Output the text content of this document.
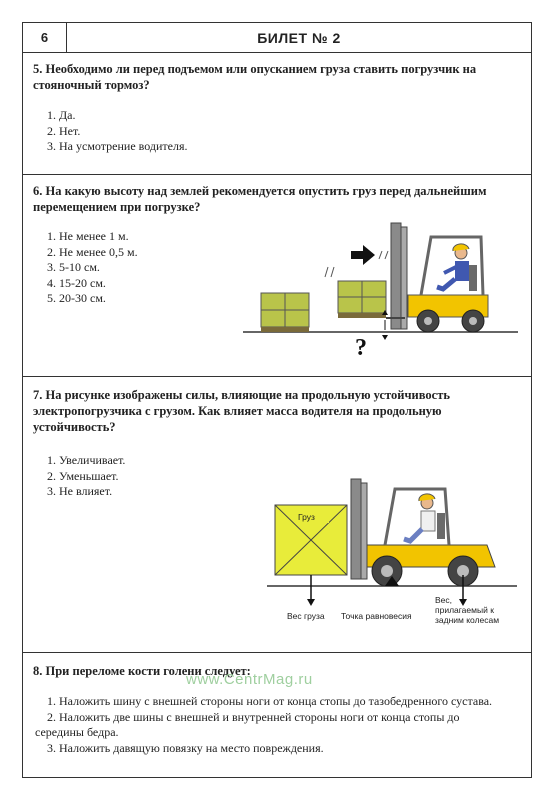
6	БИЛЕТ № 2
5. Необходимо ли перед подъемом или опусканием груза ставить погрузчик на
стояночный тормоз?
1. Да.
2. Нет.
3. На усмотрение водителя.
6. На какую высоту над землей рекомендуется опустить груз перед дальнейшим
перемещением при погрузке?
1. Не менее 1 м.
2. Не менее 0,5 м.
3. 5-10 см.
4. 15-20 см.
5. 20-30 см.
?
7. На рисунке изображены силы, влияющие на продольную устойчивость
электропогрузчика с грузом. Как влияет масса водителя на продольную
устойчивость?
1. Увеличивает.
2. Уменьшает.
3. Не влияет.
Груз
Вес груза Точка равновесия
Вес,
прилагаемый к
задним колесам
8. При переломе кости голени следует:
1. Наложить шину с внешней стороны ноги от конца стопы до тазобедренного сустава.
2. Наложить две шины с внешней и внутренней стороны ноги от конца стопы до
середины бедра.
3. Наложить давящую повязку на место повреждения.
www.CentrMag.ru
